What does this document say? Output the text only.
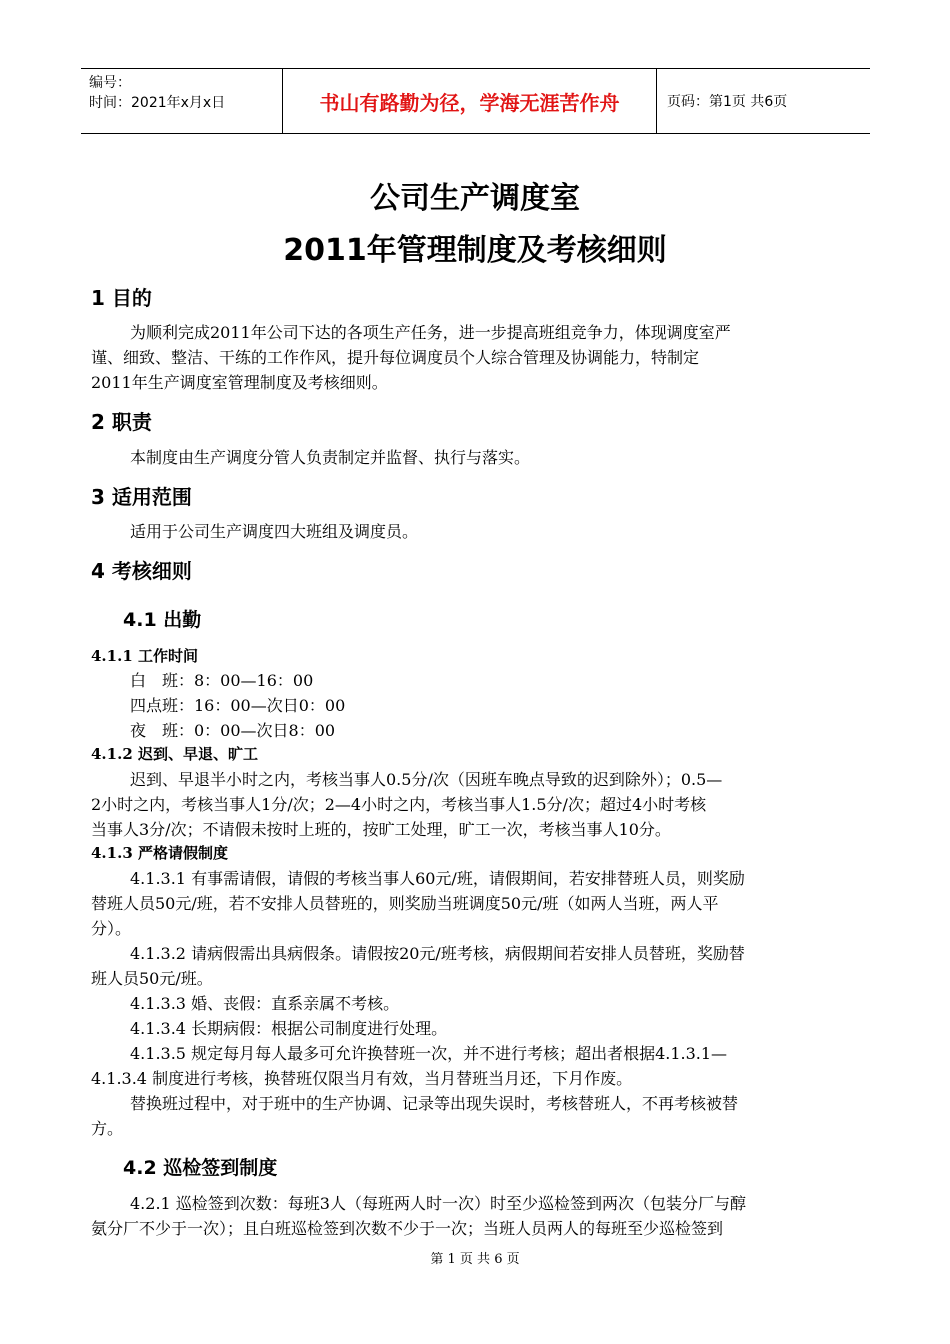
编号：
时间：2021年x月x日	书山有路勤为径，学海无涯苦作舟	页码：第1页 共6页
公司生产调度室
2011年管理制度及考核细则
1 目的
为顺利完成2011年公司下达的各项生产任务，进一步提高班组竞争力，体现调度室严
谨、细致、整洁、干练的工作作风，提升每位调度员个人综合管理及协调能力，特制定
2011年生产调度室管理制度及考核细则。
2 职责
本制度由生产调度分管人负责制定并监督、执行与落实。
3 适用范围
适用于公司生产调度四大班组及调度员。
4 考核细则
4.1 出勤
4.1.1 工作时间
白　班：8：00—16：00
四点班：16：00—次日0：00
夜　班：0：00—次日8：00
4.1.2 迟到、早退、旷工
迟到、早退半小时之内，考核当事人0.5分/次（因班车晚点导致的迟到除外）；0.5—
2小时之内，考核当事人1分/次；2—4小时之内，考核当事人1.5分/次；超过4小时考核
当事人3分/次；不请假未按时上班的，按旷工处理，旷工一次，考核当事人10分。
4.1.3 严格请假制度
4.1.3.1 有事需请假，请假的考核当事人60元/班，请假期间，若安排替班人员，则奖励
替班人员50元/班，若不安排人员替班的，则奖励当班调度50元/班（如两人当班，两人平
分）。
4.1.3.2 请病假需出具病假条。请假按20元/班考核，病假期间若安排人员替班，奖励替
班人员50元/班。
4.1.3.3 婚、丧假：直系亲属不考核。
4.1.3.4 长期病假：根据公司制度进行处理。
4.1.3.5 规定每月每人最多可允许换替班一次，并不进行考核；超出者根据4.1.3.1—
4.1.3.4 制度进行考核，换替班仅限当月有效，当月替班当月还，下月作废。
替换班过程中，对于班中的生产协调、记录等出现失误时，考核替班人，不再考核被替
方。
4.2 巡检签到制度
4.2.1 巡检签到次数：每班3人（每班两人时一次）时至少巡检签到两次（包装分厂与醇
氨分厂不少于一次）；且白班巡检签到次数不少于一次；当班人员两人的每班至少巡检签到
第 1 页 共 6 页
